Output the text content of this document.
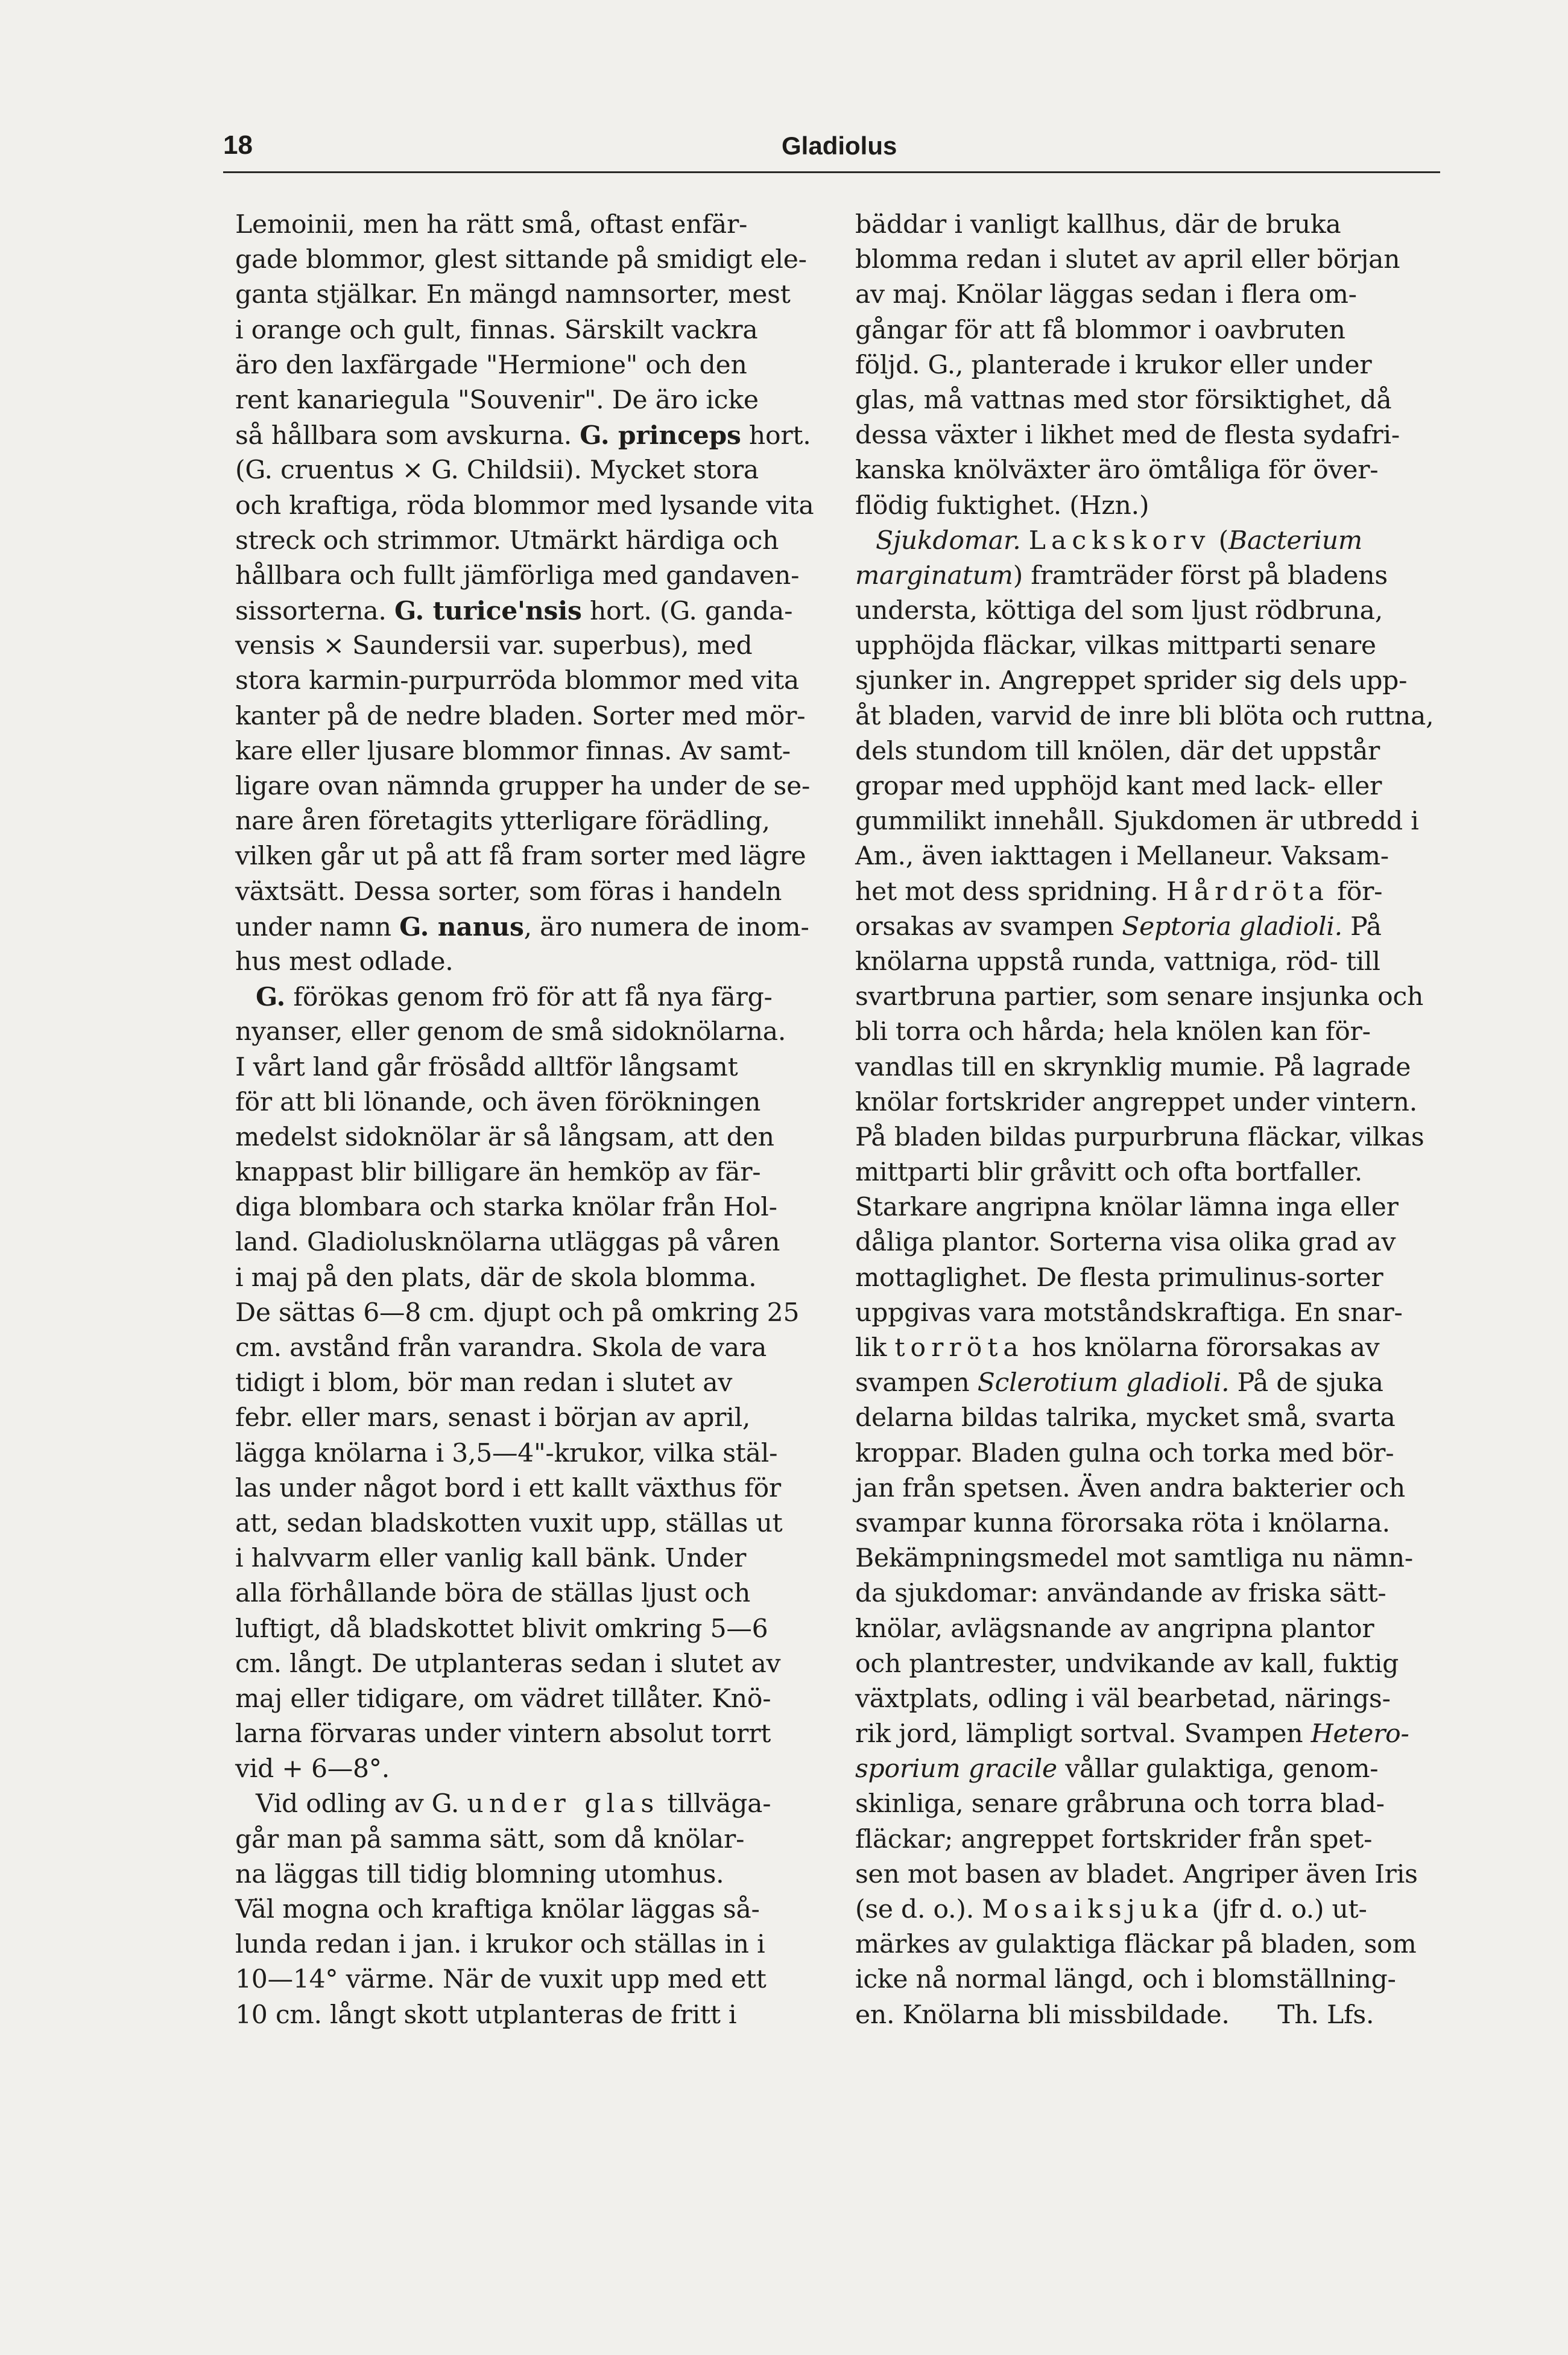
18	Gladiolus
Lemoinii, men ha rätt små, oftast enfär-
gade blommor, glest sittande på smidigt ele-
ganta stjälkar. En mängd namnsorter, mest
i orange och gult, finnas. Särskilt vackra
äro den laxfärgade "Hermione" och den
rent kanariegula "Souvenir". De äro icke
så hållbara som avskurna. G. princeps hort.
(G. cruentus × G. Childsii). Mycket stora
och kraftiga, röda blommor med lysande vita
streck och strimmor. Utmärkt härdiga och
hållbara och fullt jämförliga med gandaven-
sissorterna. G. turice'nsis hort. (G. ganda-
vensis × Saundersii var. superbus), med
stora karmin-purpurröda blommor med vita
kanter på de nedre bladen. Sorter med mör-
kare eller ljusare blommor finnas. Av samt-
ligare ovan nämnda grupper ha under de se-
nare åren företagits ytterligare förädling,
vilken går ut på att få fram sorter med lägre
växtsätt. Dessa sorter, som föras i handeln
under namn G. nanus, äro numera de inom-
hus mest odlade.
G. förökas genom frö för att få nya färg-
nyanser, eller genom de små sidoknölarna.
I vårt land går frösådd alltför långsamt
för att bli lönande, och även förökningen
medelst sidoknölar är så långsam, att den
knappast blir billigare än hemköp av fär-
diga blombara och starka knölar från Hol-
land. Gladiolusknölarna utläggas på våren
i maj på den plats, där de skola blomma.
De sättas 6—8 cm. djupt och på omkring 25
cm. avstånd från varandra. Skola de vara
tidigt i blom, bör man redan i slutet av
febr. eller mars, senast i början av april,
lägga knölarna i 3,5—4"-krukor, vilka stäl-
las under något bord i ett kallt växthus för
att, sedan bladskotten vuxit upp, ställas ut
i halvvarm eller vanlig kall bänk. Under
alla förhållande böra de ställas ljust och
luftigt, då bladskottet blivit omkring 5—6
cm. långt. De utplanteras sedan i slutet av
maj eller tidigare, om vädret tillåter. Knö-
larna förvaras under vintern absolut torrt
vid + 6—8°.
Vid odling av G. under glas tillväga-
går man på samma sätt, som då knölar-
na läggas till tidig blomning utomhus.
Väl mogna och kraftiga knölar läggas så-
lunda redan i jan. i krukor och ställas in i
10—14° värme. När de vuxit upp med ett
10 cm. långt skott utplanteras de fritt i
bäddar i vanligt kallhus, där de bruka
blomma redan i slutet av april eller början
av maj. Knölar läggas sedan i flera om-
gångar för att få blommor i oavbruten
följd. G., planterade i krukor eller under
glas, må vattnas med stor försiktighet, då
dessa växter i likhet med de flesta sydafri-
kanska knölväxter äro ömtåliga för över-
flödig fuktighet. (Hzn.)
Sjukdomar. Lackskorv (Bacterium
marginatum) framträder först på bladens
understa, köttiga del som ljust rödbruna,
upphöjda fläckar, vilkas mittparti senare
sjunker in. Angreppet sprider sig dels upp-
åt bladen, varvid de inre bli blöta och ruttna,
dels stundom till knölen, där det uppstår
gropar med upphöjd kant med lack- eller
gummilikt innehåll. Sjukdomen är utbredd i
Am., även iakttagen i Mellaneur. Vaksam-
het mot dess spridning. Hårdröta för-
orsakas av svampen Septoria gladioli. På
knölarna uppstå runda, vattniga, röd- till
svartbruna partier, som senare insjunka och
bli torra och hårda; hela knölen kan för-
vandlas till en skrynklig mumie. På lagrade
knölar fortskrider angreppet under vintern.
På bladen bildas purpurbruna fläckar, vilkas
mittparti blir gråvitt och ofta bortfaller.
Starkare angripna knölar lämna inga eller
dåliga plantor. Sorterna visa olika grad av
mottaglighet. De flesta primulinus-sorter
uppgivas vara motståndskraftiga. En snar-
lik torröta hos knölarna förorsakas av
svampen Sclerotium gladioli. På de sjuka
delarna bildas talrika, mycket små, svarta
kroppar. Bladen gulna och torka med bör-
jan från spetsen. Även andra bakterier och
svampar kunna förorsaka röta i knölarna.
Bekämpningsmedel mot samtliga nu nämn-
da sjukdomar: användande av friska sätt-
knölar, avlägsnande av angripna plantor
och plantrester, undvikande av kall, fuktig
växtplats, odling i väl bearbetad, närings-
rik jord, lämpligt sortval. Svampen Hetero-
sporium gracile vållar gulaktiga, genom-
skinliga, senare gråbruna och torra blad-
fläckar; angreppet fortskrider från spet-
sen mot basen av bladet. Angriper även Iris
(se d. o.). Mosaiksjuka (jfr d. o.) ut-
märkes av gulaktiga fläckar på bladen, som
icke nå normal längd, och i blomställning-
en. Knölarna bli missbildade.      Th. Lfs.
